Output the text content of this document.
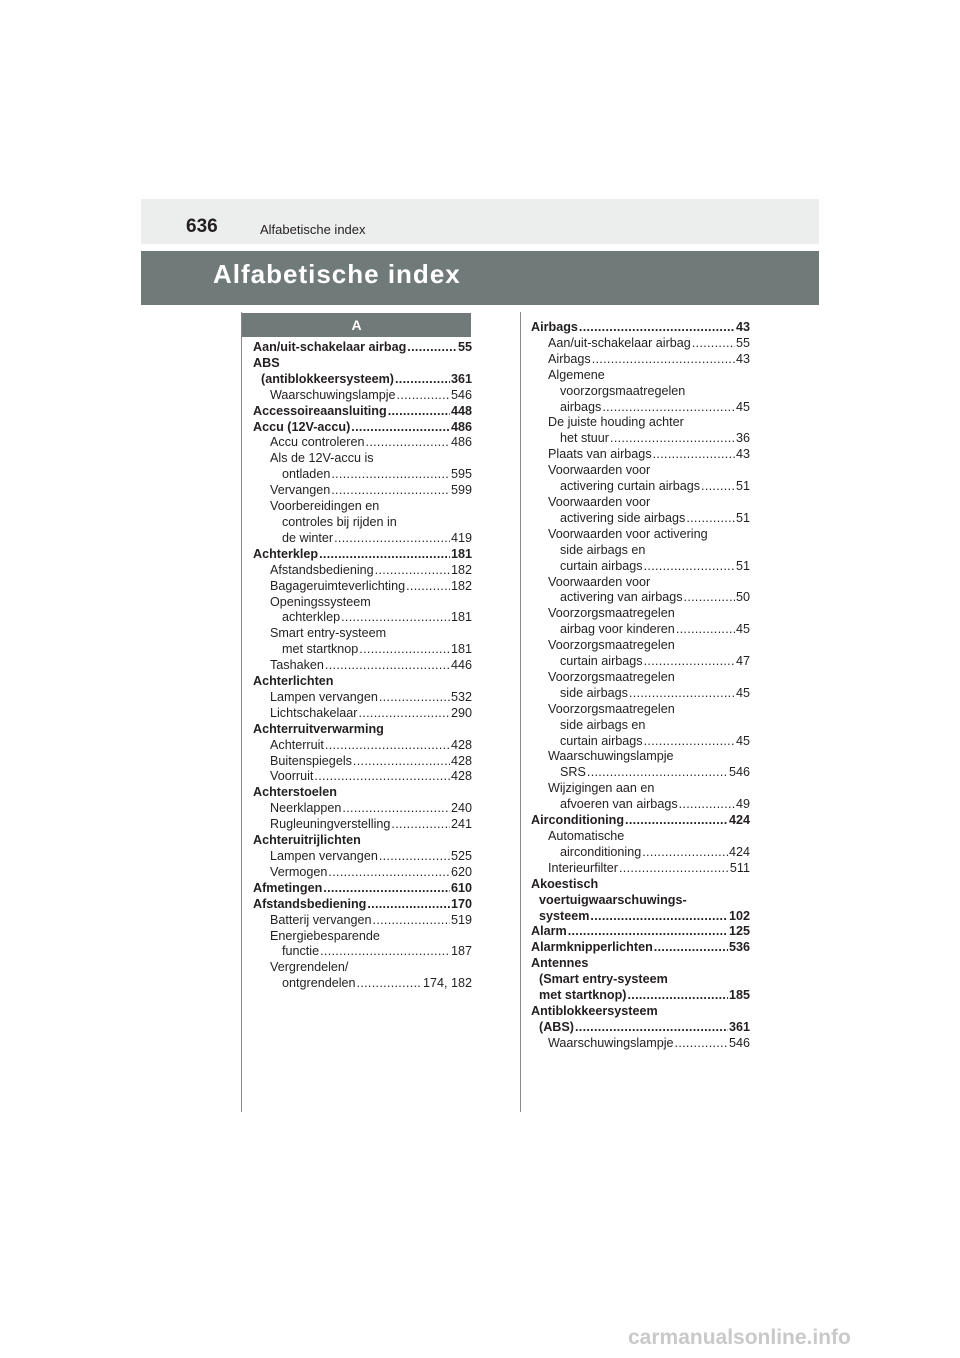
636	Alfabetische index
Alfabetische index
A
Aan/uit-schakelaar airbag . . .	55
ABS
(antiblokkeersysteem) . . .	361
Waarschuwingslampje . . .	546
Accessoireaansluiting . . .	448
Accu (12V-accu) . . .	486
Accu controleren . . .	486
Als de 12V-accu is
ontladen . . .	595
Vervangen . . .	599
Voorbereidingen en
controles bij rijden in
de winter . . .	419
Achterklep . . .	181
Afstandsbediening . . .	182
Bagageruimteverlichting . . .	182
Openingssysteem
achterklep . . .	181
Smart entry-systeem
met startknop . . .	181
Tashaken . . .	446
Achterlichten
Lampen vervangen . . .	532
Lichtschakelaar . . .	290
Achterruitverwarming
Achterruit . . .	428
Buitenspiegels . . .	428
Voorruit . . .	428
Achterstoelen
Neerklappen . . .	240
Rugleuningverstelling . . .	241
Achteruitrijlichten
Lampen vervangen . . .	525
Vermogen . . .	620
Afmetingen . . .	610
Afstandsbediening . . .	170
Batterij vervangen . . .	519
Energiebesparende
functie . . .	187
Vergrendelen/
ontgrendelen . . .	174, 182
Airbags . . .	43
Aan/uit-schakelaar airbag . . .	55
Airbags . . .	43
Algemene
voorzorgsmaatregelen
airbags . . .	45
De juiste houding achter
het stuur . . .	36
Plaats van airbags . . .	43
Voorwaarden voor
activering curtain airbags . . .	51
Voorwaarden voor
activering side airbags . . .	51
Voorwaarden voor activering
side airbags en
curtain airbags . . .	51
Voorwaarden voor
activering van airbags . . .	50
Voorzorgsmaatregelen
airbag voor kinderen . . .	45
Voorzorgsmaatregelen
curtain airbags . . .	47
Voorzorgsmaatregelen
side airbags . . .	45
Voorzorgsmaatregelen
side airbags en
curtain airbags . . .	45
Waarschuwingslampje
SRS . . .	546
Wijzigingen aan en
afvoeren van airbags . . .	49
Airconditioning . . .	424
Automatische
airconditioning . . .	424
Interieurfilter . . .	511
Akoestisch
voertuigwaarschuwings-
systeem . . .	102
Alarm . . .	125
Alarmknipperlichten . . .	536
Antennes
(Smart entry-systeem
met startknop) . . .	185
Antiblokkeersysteem
(ABS) . . .	361
Waarschuwingslampje . . .	546
carmanualsonline.info
